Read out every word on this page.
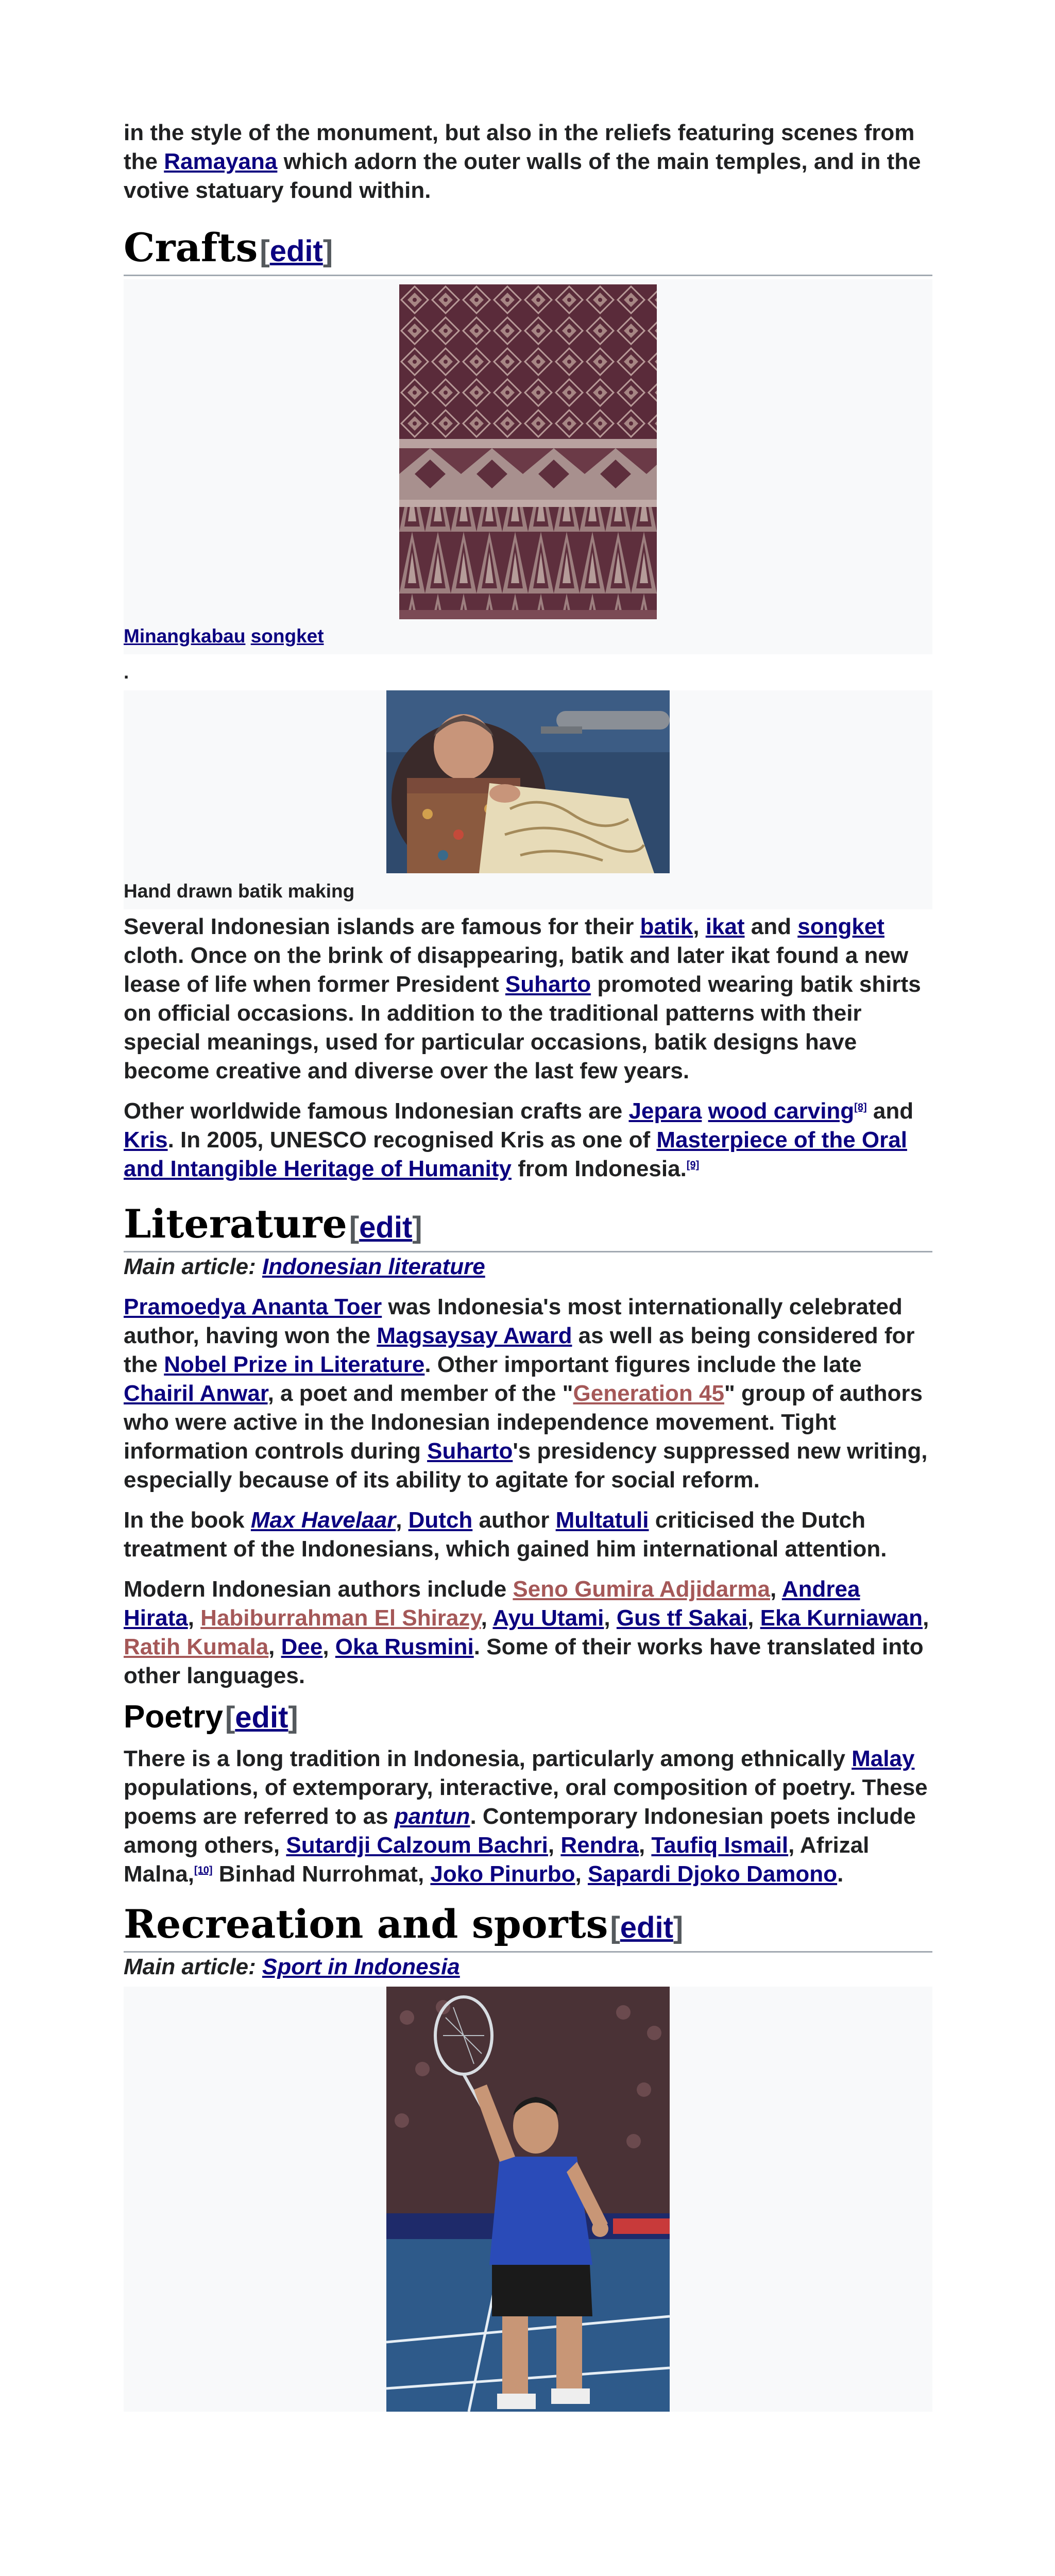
in the style of the monument, but also in the reliefs featuring scenes from the Ramayana which adorn the outer walls of the main temples, and in the votive statuary found within.

Crafts[edit]
Minangkabau songket
.
Hand drawn batik making

Several Indonesian islands are famous for their batik, ikat and songket cloth. Once on the brink of disappearing, batik and later ikat found a new lease of life when former President Suharto promoted wearing batik shirts on official occasions. In addition to the traditional patterns with their special meanings, used for particular occasions, batik designs have become creative and diverse over the last few years.

Other worldwide famous Indonesian crafts are Jepara wood carving[8] and Kris. In 2005, UNESCO recognised Kris as one of Masterpiece of the Oral and Intangible Heritage of Humanity from Indonesia.[9]

Literature[edit]
Main article: Indonesian literature

Pramoedya Ananta Toer was Indonesia's most internationally celebrated author, having won the Magsaysay Award as well as being considered for the Nobel Prize in Literature. Other important figures include the late Chairil Anwar, a poet and member of the "Generation 45" group of authors who were active in the Indonesian independence movement. Tight information controls during Suharto's presidency suppressed new writing, especially because of its ability to agitate for social reform.

In the book Max Havelaar, Dutch author Multatuli criticised the Dutch treatment of the Indonesians, which gained him international attention.

Modern Indonesian authors include Seno Gumira Adjidarma, Andrea Hirata, Habiburrahman El Shirazy, Ayu Utami, Gus tf Sakai, Eka Kurniawan, Ratih Kumala, Dee, Oka Rusmini. Some of their works have translated into other languages.

Poetry[edit]

There is a long tradition in Indonesia, particularly among ethnically Malay populations, of extemporary, interactive, oral composition of poetry. These poems are referred to as pantun. Contemporary Indonesian poets include among others, Sutardji Calzoum Bachri, Rendra, Taufiq Ismail, Afrizal Malna,[10] Binhad Nurrohmat, Joko Pinurbo, Sapardi Djoko Damono.

Recreation and sports[edit]
Main article: Sport in Indonesia
